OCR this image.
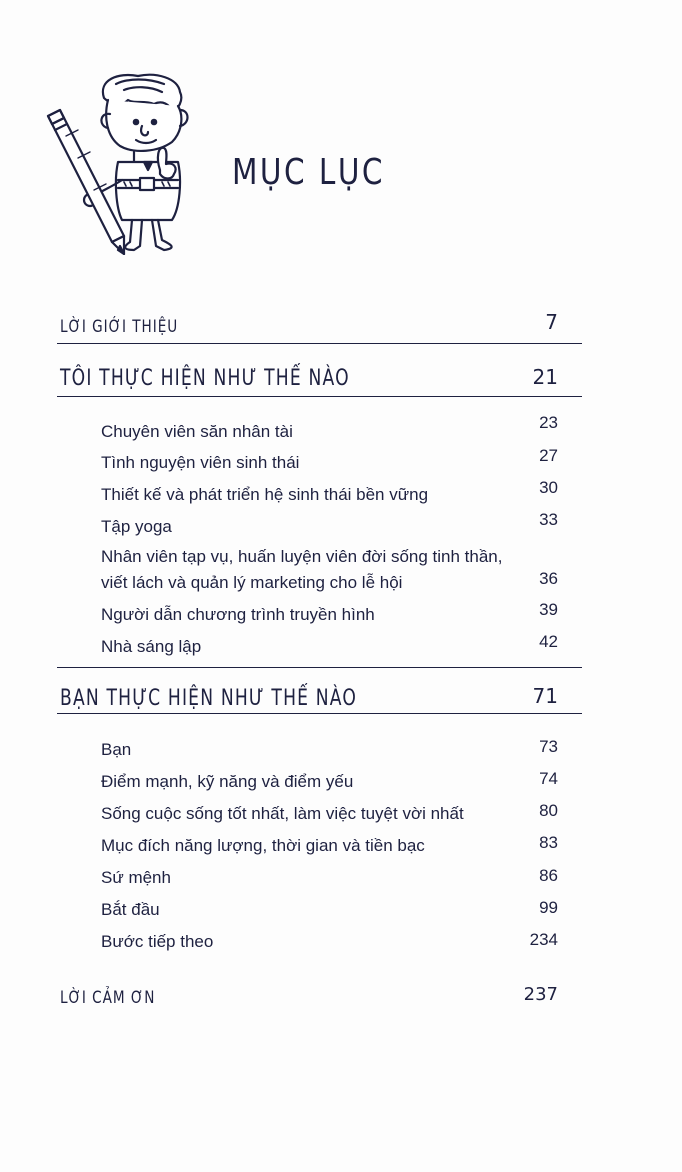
MỤC LỤC
LỜI GIỚI THIỆU	7
TÔI THỰC HIỆN NHƯ THẾ NÀO	21
Chuyên viên săn nhân tài	23
Tình nguyện viên sinh thái	27
Thiết kế và phát triển hệ sinh thái bền vững	30
Tập yoga	33
Nhân viên tạp vụ, huấn luyện viên đời sống tinh thần,
viết lách và quản lý marketing cho lễ hội	36
Người dẫn chương trình truyền hình	39
Nhà sáng lập	42
BẠN THỰC HIỆN NHƯ THẾ NÀO	71
Bạn	73
Điểm mạnh, kỹ năng và điểm yếu	74
Sống cuộc sống tốt nhất, làm việc tuyệt vời nhất	80
Mục đích năng lượng, thời gian và tiền bạc	83
Sứ mệnh	86
Bắt đầu	99
Bước tiếp theo	234
LỜI CẢM ƠN	237
